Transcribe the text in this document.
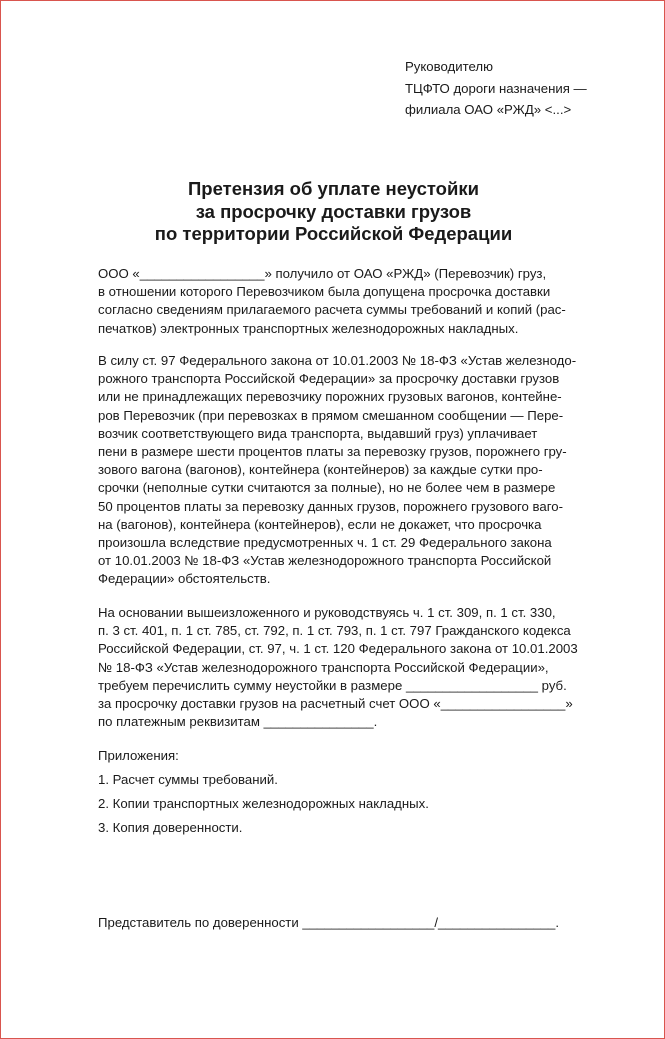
Руководителю
ТЦФТО дороги назначения —
филиала ОАО «РЖД» <...>
Претензия об уплате неустойки
за просрочку доставки грузов
по территории Российской Федерации
ООО «_________________» получило от ОАО «РЖД» (Перевозчик) груз,
в отношении которого Перевозчиком была допущена просрочка доставки
согласно сведениям прилагаемого расчета суммы требований и копий (рас-
печатков) электронных транспортных железнодорожных накладных.
В силу ст. 97 Федерального закона от 10.01.2003 № 18-ФЗ «Устав железнодо-
рожного транспорта Российской Федерации» за просрочку доставки грузов
или не принадлежащих перевозчику порожних грузовых вагонов, контейне-
ров Перевозчик (при перевозках в прямом смешанном сообщении — Пере-
возчик соответствующего вида транспорта, выдавший груз) уплачивает
пени в размере шести процентов платы за перевозку грузов, порожнего гру-
зового вагона (вагонов), контейнера (контейнеров) за каждые сутки про-
срочки (неполные сутки считаются за полные), но не более чем в размере
50 процентов платы за перевозку данных грузов, порожнего грузового ваго-
на (вагонов), контейнера (контейнеров), если не докажет, что просрочка
произошла вследствие предусмотренных ч. 1 ст. 29 Федерального закона
от 10.01.2003 № 18-ФЗ «Устав железнодорожного транспорта Российской
Федерации» обстоятельств.
На основании вышеизложенного и руководствуясь ч. 1 ст. 309, п. 1 ст. 330,
п. 3 ст. 401, п. 1 ст. 785, ст. 792, п. 1 ст. 793, п. 1 ст. 797 Гражданского кодекса
Российской Федерации, ст. 97, ч. 1 ст. 120 Федерального закона от 10.01.2003
№ 18-ФЗ «Устав железнодорожного транспорта Российской Федерации»,
требуем перечислить сумму неустойки в размере __________________ руб.
за просрочку доставки грузов на расчетный счет ООО «_________________»
по платежным реквизитам _______________.
Приложения:
1. Расчет суммы требований.
2. Копии транспортных железнодорожных накладных.
3. Копия доверенности.
Представитель по доверенности __________________/________________.
